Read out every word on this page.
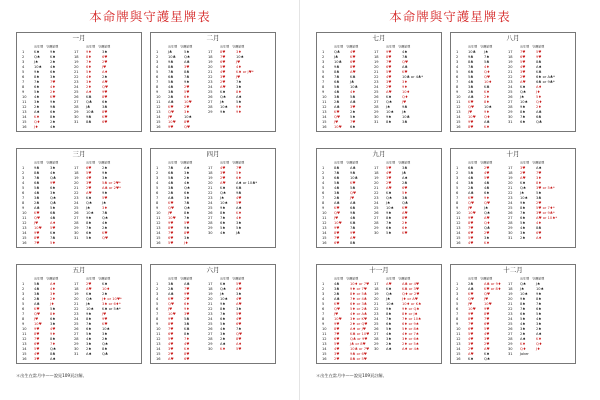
本命牌與守護星牌表
＊出生在當月中——說見109頁註解。
一月
出生牌 守護星牌	出生牌 守護星牌
1	K♠	9♠	17 9♦	3♠
2	Q♠	K♠	18 8♦	6♥
3	J♠	2♠	19 7♦	2♥
4	10♠ 4♠	20 6♦	J♥
5	9♠	6♠	21 5♦	A♦
6	8♠	3♠	22 4♦	2♠
7	7♠	7♥	23 3♦	A♥
8	6♠	4♦	24 2♦	Q♥
9	5♠	2♦	25 A♦	9♥
10 4♠	K♥	26 K♣	8♥
11 3♠	9♠	27 Q♣	6♠
12 2♠	9♣	28 J♣	3♣
13 A♠	6♠	29 10♣ 8♥
14 K♦	8♠	30 9♣	K♥
15 Q♦	2♠	31 8♣	6♥
16 J♦	4♠
二月
出生牌 守護星牌	出生牌 守護星牌
1	J♣	5♠	17 8♥	3♦
2	10♣ Q♠	18 7♥	10♠
3	9♣	A♣	19 6♥	J♥
4	8♣	3♥	20 5♥	4♦
5	7♣	8♣	21 4♥	K♠ or J♥*
6	6♣	7♣	22 3♥	J♥
7	5♣	9♠	23 2♥	7♠
8	4♣	2♥	24 A♥	3♠
9	3♣	5♥	25 K♠	8♦
10 2♣	6♦	26 Q♠	A♠
11 A♣	10♥	27 J♠	5♠
12 K♥	2♥	28 10♠ 9♦
13 Q♥	3♦	29 9♠	9♦
14 J♥	10♠
15 10♥ 8♥
16 9♥	Q♥
三月
出生牌 守護星牌	出生牌 守護星牌
1	9♣	3♠	17 6♥	2♠
2	8♣	4♠	18 5♥	9♠
3	7♣	Q♣	19 4♥	3♠
4	6♣	9♥	20 3♥	5♣ or 2♥*
5	5♣	6♠	21 2♥	A♣ or 2♥*
6	4♣	3♠	22 A♥	9♠
7	3♣	Q♠	23 K♠	5♥
8	2♣	Q♣	24 Q♠	J♠
9	A♣	5♠	25 J♠	3♦
10 K♥	6♣	26 10♠ 7♣
11 Q♥	4♣	27 9♠	Q♠
12 J♥	A♦	28 8♠	4♠
13 10♥ 5♥	29 7♠	2♠
14 9♥	K♠	30 6♠	K♥
15 8♥	7♣	31 5♠	Q♥
16 7♥	5♦
四月
出生牌 守護星牌	出生牌 守護星牌
1	7♣	A♠	17 4♥	7♥
2	6♣	3♠	18 3♥	5♦
3	5♣	2♠	19 2♥	6♦
4	4♣	4♠	20 A♥	A♠ or 10♣*
5	3♣	Q♠	21 K♠	K♣
6	2♣	6♠	22 Q♠	9♣
7	A♣	3♠	23 J♠	4♥
8	K♥	7♣	24 10♠ 5♥
9	Q♥	Q♠	25 9♠	A♠
10 J♥	8♠	26 8♠	K♦
11 10♥ 7♠	27 7♠	4♦
12 9♥	5♥	28 6♠	3♠
13 8♥	9♠	29 5♠	5♠
14 7♥	8♥	30 4♠	J♣
15 6♥	3♠
16 5♥	J♦
五月
出生牌 守護星牌	出生牌 守護星牌
1	5♣	A♦	17 2♥	K♠
2	4♣	4♦	18 A♥	10♦
3	3♣	3♦	19 K♠	2♠
4	2♣	2♦	20 Q♠	J♦ or 10♥*
5	A♣	J♦	21 J♠	3♠ or 6♦*
6	K♥	5♠	22 10♠ K♠ or 5♠*
7	Q♥	8♦	23 9♠	J♥
8	J♥	6♠	24 8♠	9♥
9	10♥ 3♠	25 7♠	K♥
10 9♥	4♥	26 6♠	10♠
11 8♥	9♦	27 5♠	3♠
12 7♥	8♠	28 4♠	2♠
13 6♥	7♦	29 3♠	Q♠
14 5♥	Q♠	30 2♠	8♠
15 4♥	8♣	31 A♠	Q♣
16 3♥	A♠
六月
出生牌 守護星牌	出生牌 守護星牌
1	3♣	A♣	17 K♠	5♥
2	2♣	7♥	18 Q♠	A♥
3	A♣	9♥	19 J♠	3♠
4	K♥	2♥	20 10♠ 4♥
5	Q♥	6♦	21 9♠	A♥
6	J♥	9♦	22 8♠	3♠
7	10♥ 3♥	23 7♠	5♥
8	9♥	5♣	24 6♠	4♥
9	8♥	3♣	25 5♠	6♥
10 7♥	K♣	26 4♠	7♠
11 6♥	8♠	27 3♠	Q♥
12 5♥	7♦	28 2♠	8♥
13 4♥	4♥	29 A♠	A♦
14 3♥	K♦	30 K♦	5♥
15 2♥	8♥
16 A♥	6♥
本命牌與守護星牌表
＊出生在當月中——說見109頁註解。
七月
出生牌 守護星牌	出生牌 守護星牌
1	Q♣	4♥	17 9♥	4♠
2	J♣	K♥	18 8♥	7♣
3	10♣ 6♥	19 7♥	Q♥
4	9♣	8♥	20 6♥	A♣
5	8♣	A♥	21 5♥	K♥
6	7♣	K♣	22 4♥	10♣ or 4♣*
7	6♣	J♣	23 3♥	3♦
8	5♣	10♣	24 2♥	9♦
9	4♣	4♦	25 A♥	10♦
10 3♣	5♣	26 K♠	Q♦
11 2♣	A♣	27 Q♠	J♥
12 A♣	3♥	28 J♠	9♣
13 K♥	2♠	29 10♠ J♠
14 Q♥	5♠	30 9♠	10♣
15 J♥	7♥	31 8♠	3♣
16 10♥ 6♠
八月
出生牌 守護星牌	出生牌 守護星牌
1	10♣ J♠	17 7♥	5♥
2	9♣	7♠	18 6♥	9♥
3	8♣	5♣	19 5♥	8♣
4	7♣	4♦	20 4♥	A♠
5	6♣	Q♦	21 3♥	K♣
6	5♣	Q♥	22 2♥	6♠ or A♣*
7	4♣	10♦	23 A♥	6♣ or 9♣*
8	3♣	K♣	24 K♠	A♦
9	2♣	K♦	25 Q♠	J♦
10 A♣	2♦	26 J♠	5♦
11 K♥	8♦	27 10♠ Q♦
12 Q♥	10♠	28 9♠	2♦
13 J♥	9♦	29 8♠	A♣
14 10♥ Q♦	30 7♠	6♣
15 9♥	A♣	31 6♠	Q♣
16 8♥	K♦
九月
出生牌 守護星牌	出生牌 守護星牌
1	8♣	A♣	17 5♥	3♣
2	7♣	9♣	18 4♥	J♣
3	6♣	10♣	19 3♥	A♠
4	5♣	K♥	20 2♥	2♣
5	4♣	5♣	21 A♥	6♥
6	3♣	Q♥	22 K♠	5♦
7	2♣	J♥	23 Q♠	3♣
8	A♣	A♣	24 J♠	Q♣
9	K♥	6♣	25 10♠ K♥
10 Q♥	9♣	26 9♠	A♥
11 J♥	4♣	27 8♠	8♥
12 10♥ K♣	28 7♠	2♦
13 9♥	7♣	29 6♠	6♦
14 8♥	9♥	30 5♠	K♥
15 7♥	A♥
16 6♥	8♣
十月
出生牌 守護星牌	出生牌 守護星牌
1	6♣	2♥	17 3♥	A♠
2	5♣	4♥	18 2♥	7♥
3	4♣	5♥	19 A♥	3♦
4	3♣	4♣	20 K♠	8♦
5	2♣	4♣	21 Q♠	3♥ or 5♠*
6	A♣	6♠	22 J♠	5♠
7	K♥	9♦	23 10♠ 3♣
8	Q♥	Q♥	24 9♠	2♥
9	J♥	J♠	25 8♠	5♥ or 7♦*
10 10♥ Q♠	26 7♠	3♥ or 9♣*
11 9♥	A♥	27 6♠	A♥ or 10♠*
12 8♥	Q♦	28 5♠	4♦
13 7♥	Q♣	29 4♠	8♣
14 6♥	2♥	30 3♠	6♥
15 5♥	3♠	31 2♠	A♦
16 4♥	K♦
十一月
出生牌 守護星牌	出生牌 守護星牌
1	4♣	10♦ or 7♥ 17 A♥	A♣ or 4♥
2	3♣	9♦ or 7♥ 18 K♠	K♣ or 3♥
3	2♣	8♦ or 5♣ 19 Q♠	Q♦ or 2♥
4	A♣	7♦ or 4♣ 20 J♠	J♦ or A♥
5	K♥	6♦ or 3♣ 21 10♠ 10♦ or K♠
6	Q♥	5♦ or 2♣ 22 9♠	9♦ or Q♠
7	J♥	4♦ or A♣ 23 8♠	8♦ or J♠
8	10♥ 3♦ or K♥ 24 7♠	7♦ or 10♠
9	9♥	2♦ or Q♥ 25 6♠	6♦ or 9♠
10 8♥	A♦ or J♥ 26 5♠	5♦ or 8♠
11 7♥	K♣ or 10♥ 27 4♠	4♦ or 7♠
12 6♥	Q♣ or 9♥ 28 3♠	3♦ or 6♠
13 5♥	J♣ or 8♥ 29 2♠	2♦ or 5♠
14 4♥	10♣ or 7♥ 30 A♠	A♦ or 4♠
15 3♥	9♣ or 6♥
16 2♥	8♣ or 5♥
十二月
出生牌 守護星牌	出生牌 守護星牌
1	2♣	A♣ or 9♦ 17 Q♠	J♠
2	A♣	K♥ or 8♦ 18 J♠	10♠
3	K♥	Q♥	19 10♠ 9♠
4	Q♥	J♥	20 9♠	8♠
5	J♥	10♥	21 8♠	7♠
6	10♥ 9♥	22 7♠	6♠
7	9♥	8♥	23 6♠	5♠
8	8♥	7♥	24 5♠	4♠
9	7♥	6♥	25 4♠	3♠
10 6♥	5♥	26 3♠	2♠
11 5♥	4♥	27 2♠	A♠
12 4♥	3♥	28 A♠	K♦
13 3♥	2♥	29 K♦	Q♦
14 2♥	A♥	30 Q♦	J♦
15 A♥	K♠	31 Joker
16 K♠	Q♠
